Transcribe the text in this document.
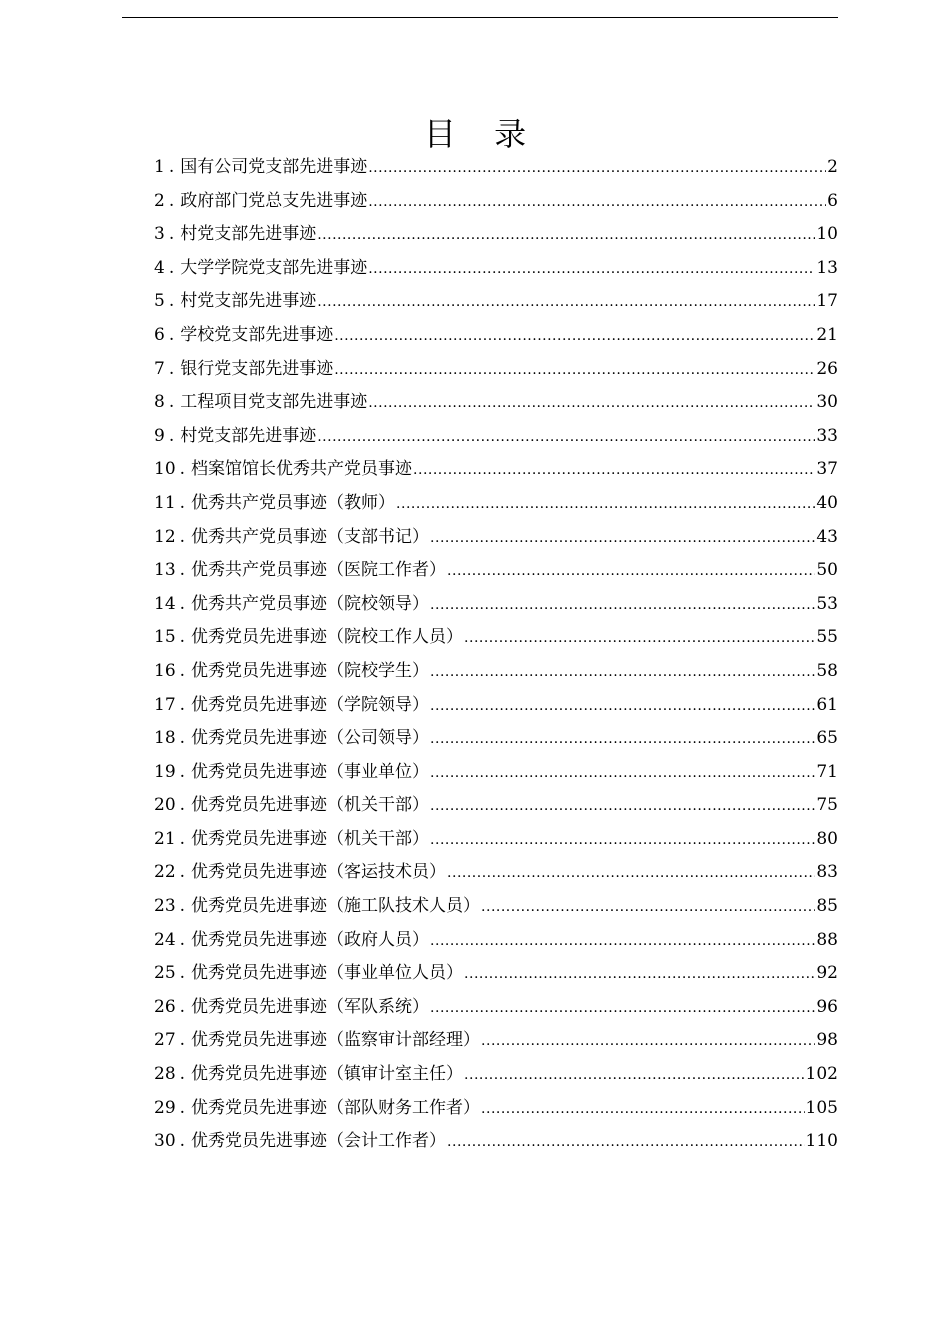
目 录
1 . 国有公司党支部先进事迹 .....	2
2 . 政府部门党总支先进事迹 .....	6
3 . 村党支部先进事迹 .....	10
4 . 大学学院党支部先进事迹 .....	13
5 . 村党支部先进事迹 .....	17
6 . 学校党支部先进事迹 .....	21
7 . 银行党支部先进事迹 .....	26
8 . 工程项目党支部先进事迹 .....	30
9 . 村党支部先进事迹 .....	33
10 . 档案馆馆长优秀共产党员事迹 .....	37
11 . 优秀共产党员事迹（教师） .....	40
12 . 优秀共产党员事迹（支部书记） .....	43
13 . 优秀共产党员事迹（医院工作者） .....	50
14 . 优秀共产党员事迹（院校领导） .....	53
15 . 优秀党员先进事迹（院校工作人员） .....	55
16 . 优秀党员先进事迹（院校学生） .....	58
17 . 优秀党员先进事迹（学院领导） .....	61
18 . 优秀党员先进事迹（公司领导） .....	65
19 . 优秀党员先进事迹（事业单位） .....	71
20 . 优秀党员先进事迹（机关干部） .....	75
21 . 优秀党员先进事迹（机关干部） .....	80
22 . 优秀党员先进事迹（客运技术员） .....	83
23 . 优秀党员先进事迹（施工队技术人员） .....	85
24 . 优秀党员先进事迹（政府人员） .....	88
25 . 优秀党员先进事迹（事业单位人员） .....	92
26 . 优秀党员先进事迹（军队系统） .....	96
27 . 优秀党员先进事迹（监察审计部经理） .....	98
28 . 优秀党员先进事迹（镇审计室主任） .....	102
29 . 优秀党员先进事迹（部队财务工作者） .....	105
30 . 优秀党员先进事迹（会计工作者） .....	110
